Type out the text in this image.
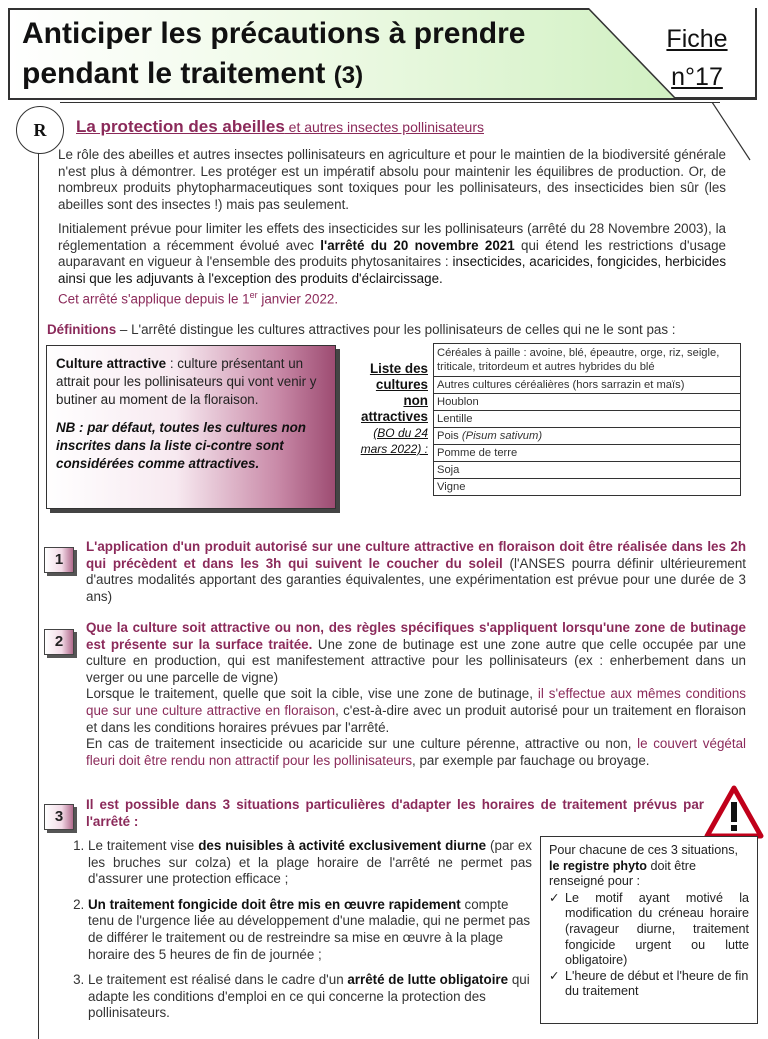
Anticiper les précautions à prendre
pendant le traitement (3)
Fiche
n°17
R	La protection des abeilles et autres insectes pollinisateurs
Le rôle des abeilles et autres insectes pollinisateurs en agriculture et pour le maintien de la biodiversité générale n'est plus à démontrer. Les protéger est un impératif absolu pour maintenir les équilibres de production. Or, de nombreux produits phytopharmaceutiques sont toxiques pour les pollinisateurs, des insecticides bien sûr (les abeilles sont des insectes !) mais pas seulement.
Initialement prévue pour limiter les effets des insecticides sur les pollinisateurs (arrêté du 28 Novembre 2003), la réglementation a récemment évolué avec l'arrêté du 20 novembre 2021 qui étend les restrictions d'usage auparavant en vigueur à l'ensemble des produits phytosanitaires : insecticides, acaricides, fongicides, herbicides ainsi que les adjuvants à l'exception des produits d'éclaircissage.
Cet arrêté s'applique depuis le 1er janvier 2022.
Définitions – L'arrêté distingue les cultures attractives pour les pollinisateurs de celles qui ne le sont pas :
Culture attractive : culture présentant un attrait pour les pollinisateurs qui vont venir y butiner au moment de la floraison.
NB : par défaut, toutes les cultures non inscrites dans la liste ci-contre sont considérées comme attractives.
Liste des
cultures
non
attractives
(BO du 24
mars 2022) :
Céréales à paille : avoine, blé, épeautre, orge, riz, seigle, triticale, tritordeum et autres hybrides du blé
Autres cultures céréalières (hors sarrazin et maïs)
Houblon
Lentille
Pois (Pisum sativum)
Pomme de terre
Soja
Vigne
1
L'application d'un produit autorisé sur une culture attractive en floraison doit être réalisée dans les 2h qui précèdent et dans les 3h qui suivent le coucher du soleil (l'ANSES pourra définir ultérieurement d'autres modalités apportant des garanties équivalentes, une expérimentation est prévue pour une durée de 3 ans)
2
Que la culture soit attractive ou non, des règles spécifiques s'appliquent lorsqu'une zone de butinage est présente sur la surface traitée. Une zone de butinage est une zone autre que celle occupée par une culture en production, qui est manifestement attractive pour les pollinisateurs (ex : enherbement dans un verger ou une parcelle de vigne)
Lorsque le traitement, quelle que soit la cible, vise une zone de butinage, il s'effectue aux mêmes conditions que sur une culture attractive en floraison, c'est-à-dire avec un produit autorisé pour un traitement en floraison et dans les conditions horaires prévues par l'arrêté.
En cas de traitement insecticide ou acaricide sur une culture pérenne, attractive ou non, le couvert végétal fleuri doit être rendu non attractif pour les pollinisateurs, par exemple par fauchage ou broyage.
3
Il est possible dans 3 situations particulières d'adapter les horaires de traitement prévus par l'arrêté :
1. Le traitement vise des nuisibles à activité exclusivement diurne (par ex les bruches sur colza) et la plage horaire de l'arrêté ne permet pas d'assurer une protection efficace ;
2. Un traitement fongicide doit être mis en œuvre rapidement compte tenu de l'urgence liée au développement d'une maladie, qui ne permet pas de différer le traitement ou de restreindre sa mise en œuvre à la plage horaire des 5 heures de fin de journée ;
3. Le traitement est réalisé dans le cadre d'un arrêté de lutte obligatoire qui adapte les conditions d'emploi en ce qui concerne la protection des pollinisateurs.
Pour chacune de ces 3 situations, le registre phyto doit être renseigné pour :
✓ Le motif ayant motivé la modification du créneau horaire (ravageur diurne, traitement fongicide urgent ou lutte obligatoire)
✓ L'heure de début et l'heure de fin du traitement
